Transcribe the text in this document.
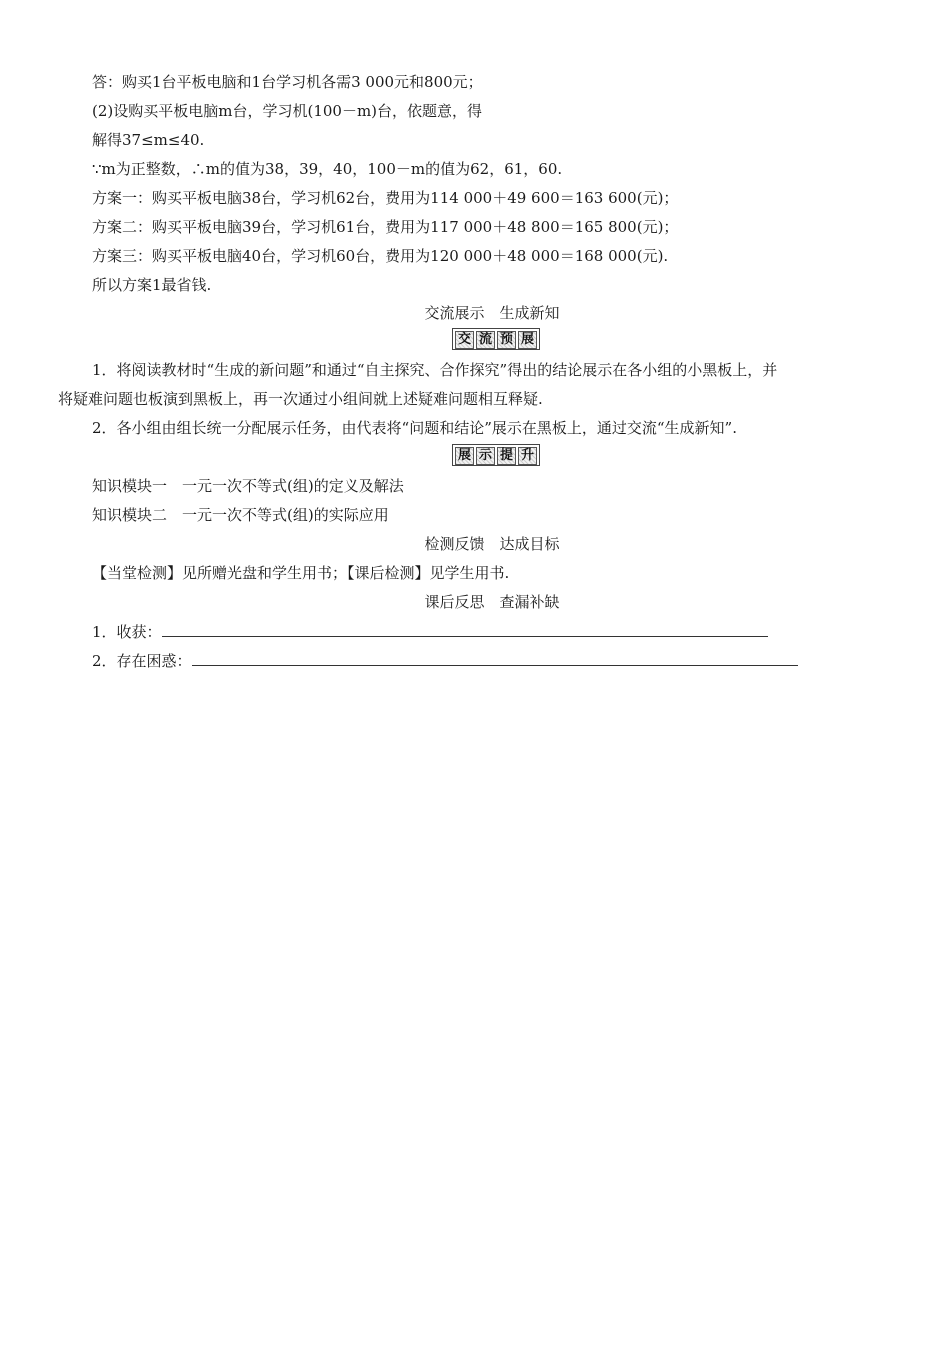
答：购买1台平板电脑和1台学习机各需3 000元和800元；
(2)设购买平板电脑m台，学习机(100－m)台，依题意，得
解得37≤m≤40.
∵m为正整数，∴m的值为38，39，40，100－m的值为62，61，60.
方案一：购买平板电脑38台，学习机62台，费用为114 000＋49 600＝163 600(元)；
方案二：购买平板电脑39台，学习机61台，费用为117 000＋48 800＝165 800(元)；
方案三：购买平板电脑40台，学习机60台，费用为120 000＋48 000＝168 000(元).
所以方案1最省钱.
交流展示　生成新知
交 流 预 展
1．将阅读教材时“生成的新问题”和通过“自主探究、合作探究”得出的结论展示在各小组的小黑板上，并
将疑难问题也板演到黑板上，再一次通过小组间就上述疑难问题相互释疑.
2．各小组由组长统一分配展示任务，由代表将“问题和结论”展示在黑板上，通过交流“生成新知”.
展 示 提 升
知识模块一　一元一次不等式(组)的定义及解法
知识模块二　一元一次不等式(组)的实际应用
检测反馈　达成目标
【当堂检测】见所赠光盘和学生用书；【课后检测】见学生用书.
课后反思　查漏补缺
1．收获：
2．存在困惑：
